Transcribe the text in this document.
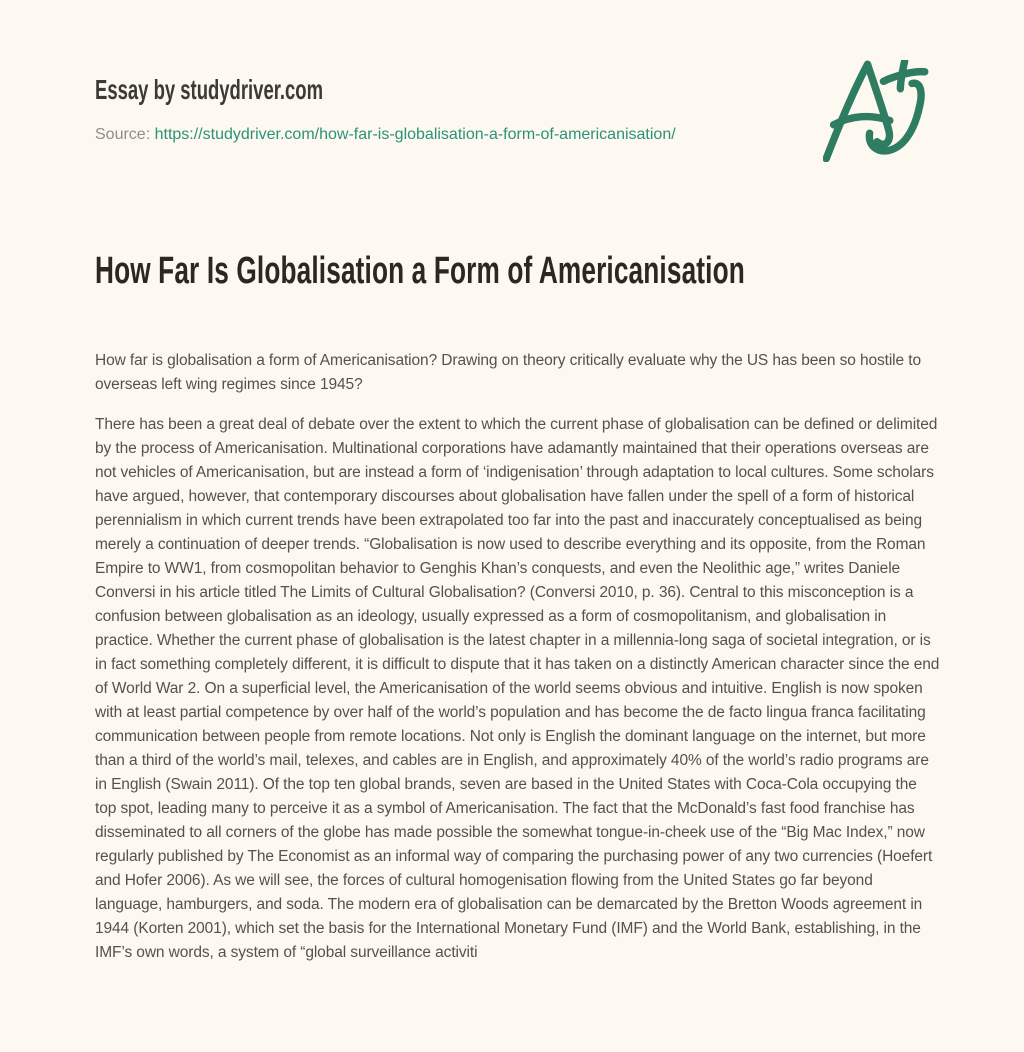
Essay by studydriver.com
Source: https://studydriver.com/how-far-is-globalisation-a-form-of-americanisation/
How Far Is Globalisation a Form of Americanisation

How far is globalisation a form of Americanisation? Drawing on theory critically evaluate why the US has been so hostile to overseas left wing regimes since 1945?

There has been a great deal of debate over the extent to which the current phase of globalisation can be defined or delimited by the process of Americanisation. Multinational corporations have adamantly maintained that their operations overseas are not vehicles of Americanisation, but are instead a form of ‘indigenisation’ through adaptation to local cultures. Some scholars have argued, however, that contemporary discourses about globalisation have fallen under the spell of a form of historical perennialism in which current trends have been extrapolated too far into the past and inaccurately conceptualised as being merely a continuation of deeper trends. “Globalisation is now used to describe everything and its opposite, from the Roman Empire to WW1, from cosmopolitan behavior to Genghis Khan’s conquests, and even the Neolithic age,” writes Daniele Conversi in his article titled The Limits of Cultural Globalisation? (Conversi 2010, p. 36). Central to this misconception is a confusion between globalisation as an ideology, usually expressed as a form of cosmopolitanism, and globalisation in practice. Whether the current phase of globalisation is the latest chapter in a millennia-long saga of societal integration, or is in fact something completely different, it is difficult to dispute that it has taken on a distinctly American character since the end of World War 2. On a superficial level, the Americanisation of the world seems obvious and intuitive. English is now spoken with at least partial competence by over half of the world’s population and has become the de facto lingua franca facilitating communication between people from remote locations. Not only is English the dominant language on the internet, but more than a third of the world’s mail, telexes, and cables are in English, and approximately 40% of the world’s radio programs are in English (Swain 2011). Of the top ten global brands, seven are based in the United States with Coca-Cola occupying the top spot, leading many to perceive it as a symbol of Americanisation. The fact that the McDonald’s fast food franchise has disseminated to all corners of the globe has made possible the somewhat tongue-in-cheek use of the “Big Mac Index,” now regularly published by The Economist as an informal way of comparing the purchasing power of any two currencies (Hoefert and Hofer 2006). As we will see, the forces of cultural homogenisation flowing from the United States go far beyond language, hamburgers, and soda. The modern era of globalisation can be demarcated by the Bretton Woods agreement in 1944 (Korten 2001), which set the basis for the International Monetary Fund (IMF) and the World Bank, establishing, in the IMF’s own words, a system of “global surveillance activiti
